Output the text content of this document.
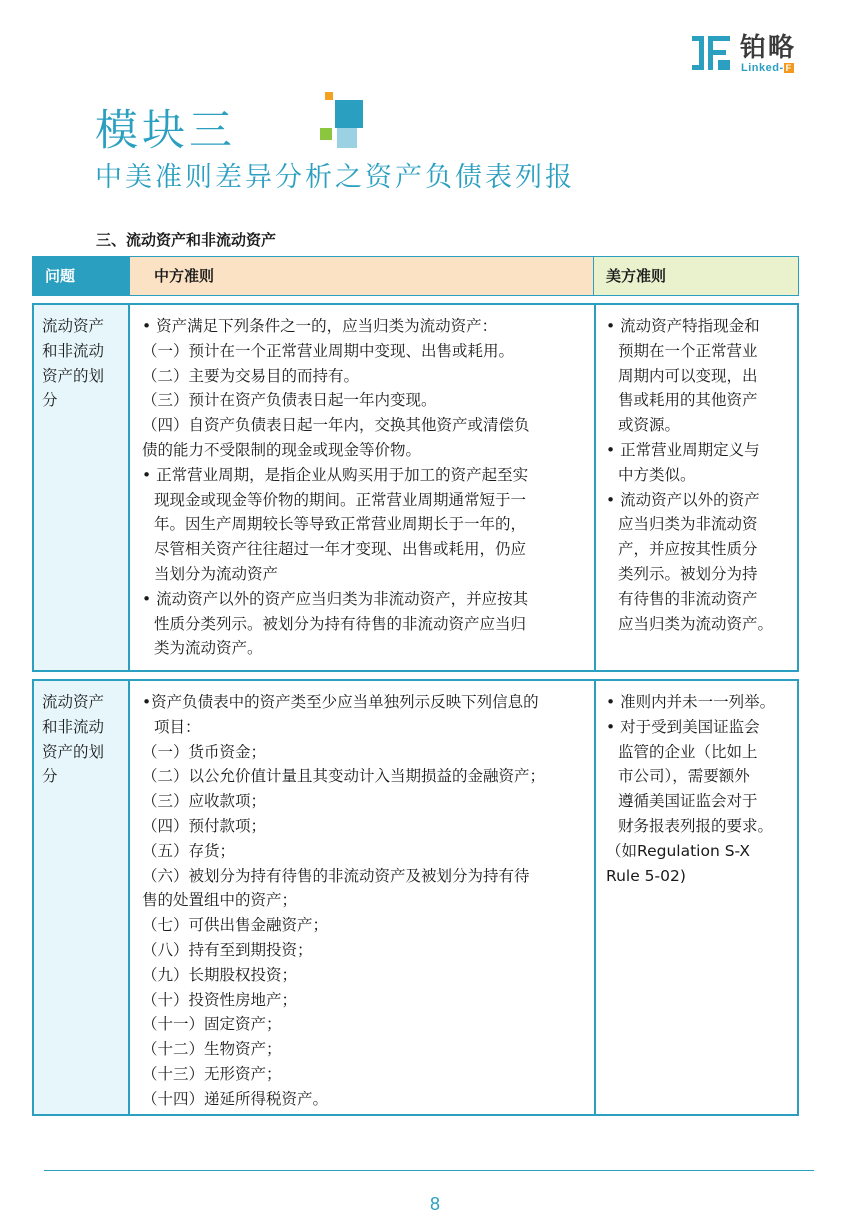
铂略
Linked- F
模块三
中美准则差异分析之资产负债表列报
三、流动资产和非流动资产
问题	中方准则	美方准则
流动资产
和非流动
资产的划
分
• 资产满足下列条件之一的，应当归类为流动资产：
（一）预计在一个正常营业周期中变现、出售或耗用。
（二）主要为交易目的而持有。
（三）预计在资产负债表日起一年内变现。
（四）自资产负债表日起一年内，交换其他资产或清偿负
债的能力不受限制的现金或现金等价物。
• 正常营业周期，是指企业从购买用于加工的资产起至实
现现金或现金等价物的期间。正常营业周期通常短于一
年。因生产周期较长等导致正常营业周期长于一年的，
尽管相关资产往往超过一年才变现、出售或耗用，仍应
当划分为流动资产
• 流动资产以外的资产应当归类为非流动资产，并应按其
性质分类列示。被划分为持有待售的非流动资产应当归
类为流动资产。
• 流动资产特指现金和
预期在一个正常营业
周期内可以变现，出
售或耗用的其他资产
或资源。
• 正常营业周期定义与
中方类似。
• 流动资产以外的资产
应当归类为非流动资
产，并应按其性质分
类列示。被划分为持
有待售的非流动资产
应当归类为流动资产。
流动资产
和非流动
资产的划
分
•资产负债表中的资产类至少应当单独列示反映下列信息的
项目：
（一）货币资金；
（二）以公允价值计量且其变动计入当期损益的金融资产；
（三）应收款项；
（四）预付款项；
（五）存货；
（六）被划分为持有待售的非流动资产及被划分为持有待
售的处置组中的资产；
（七）可供出售金融资产；
（八）持有至到期投资；
（九）长期股权投资；
（十）投资性房地产；
（十一）固定资产；
（十二）生物资产；
（十三）无形资产；
（十四）递延所得税资产。
• 准则内并未一一列举。
• 对于受到美国证监会
监管的企业（比如上
市公司），需要额外
遵循美国证监会对于
财务报表列报的要求。
（如Regulation S-X
Rule 5-02)
8
